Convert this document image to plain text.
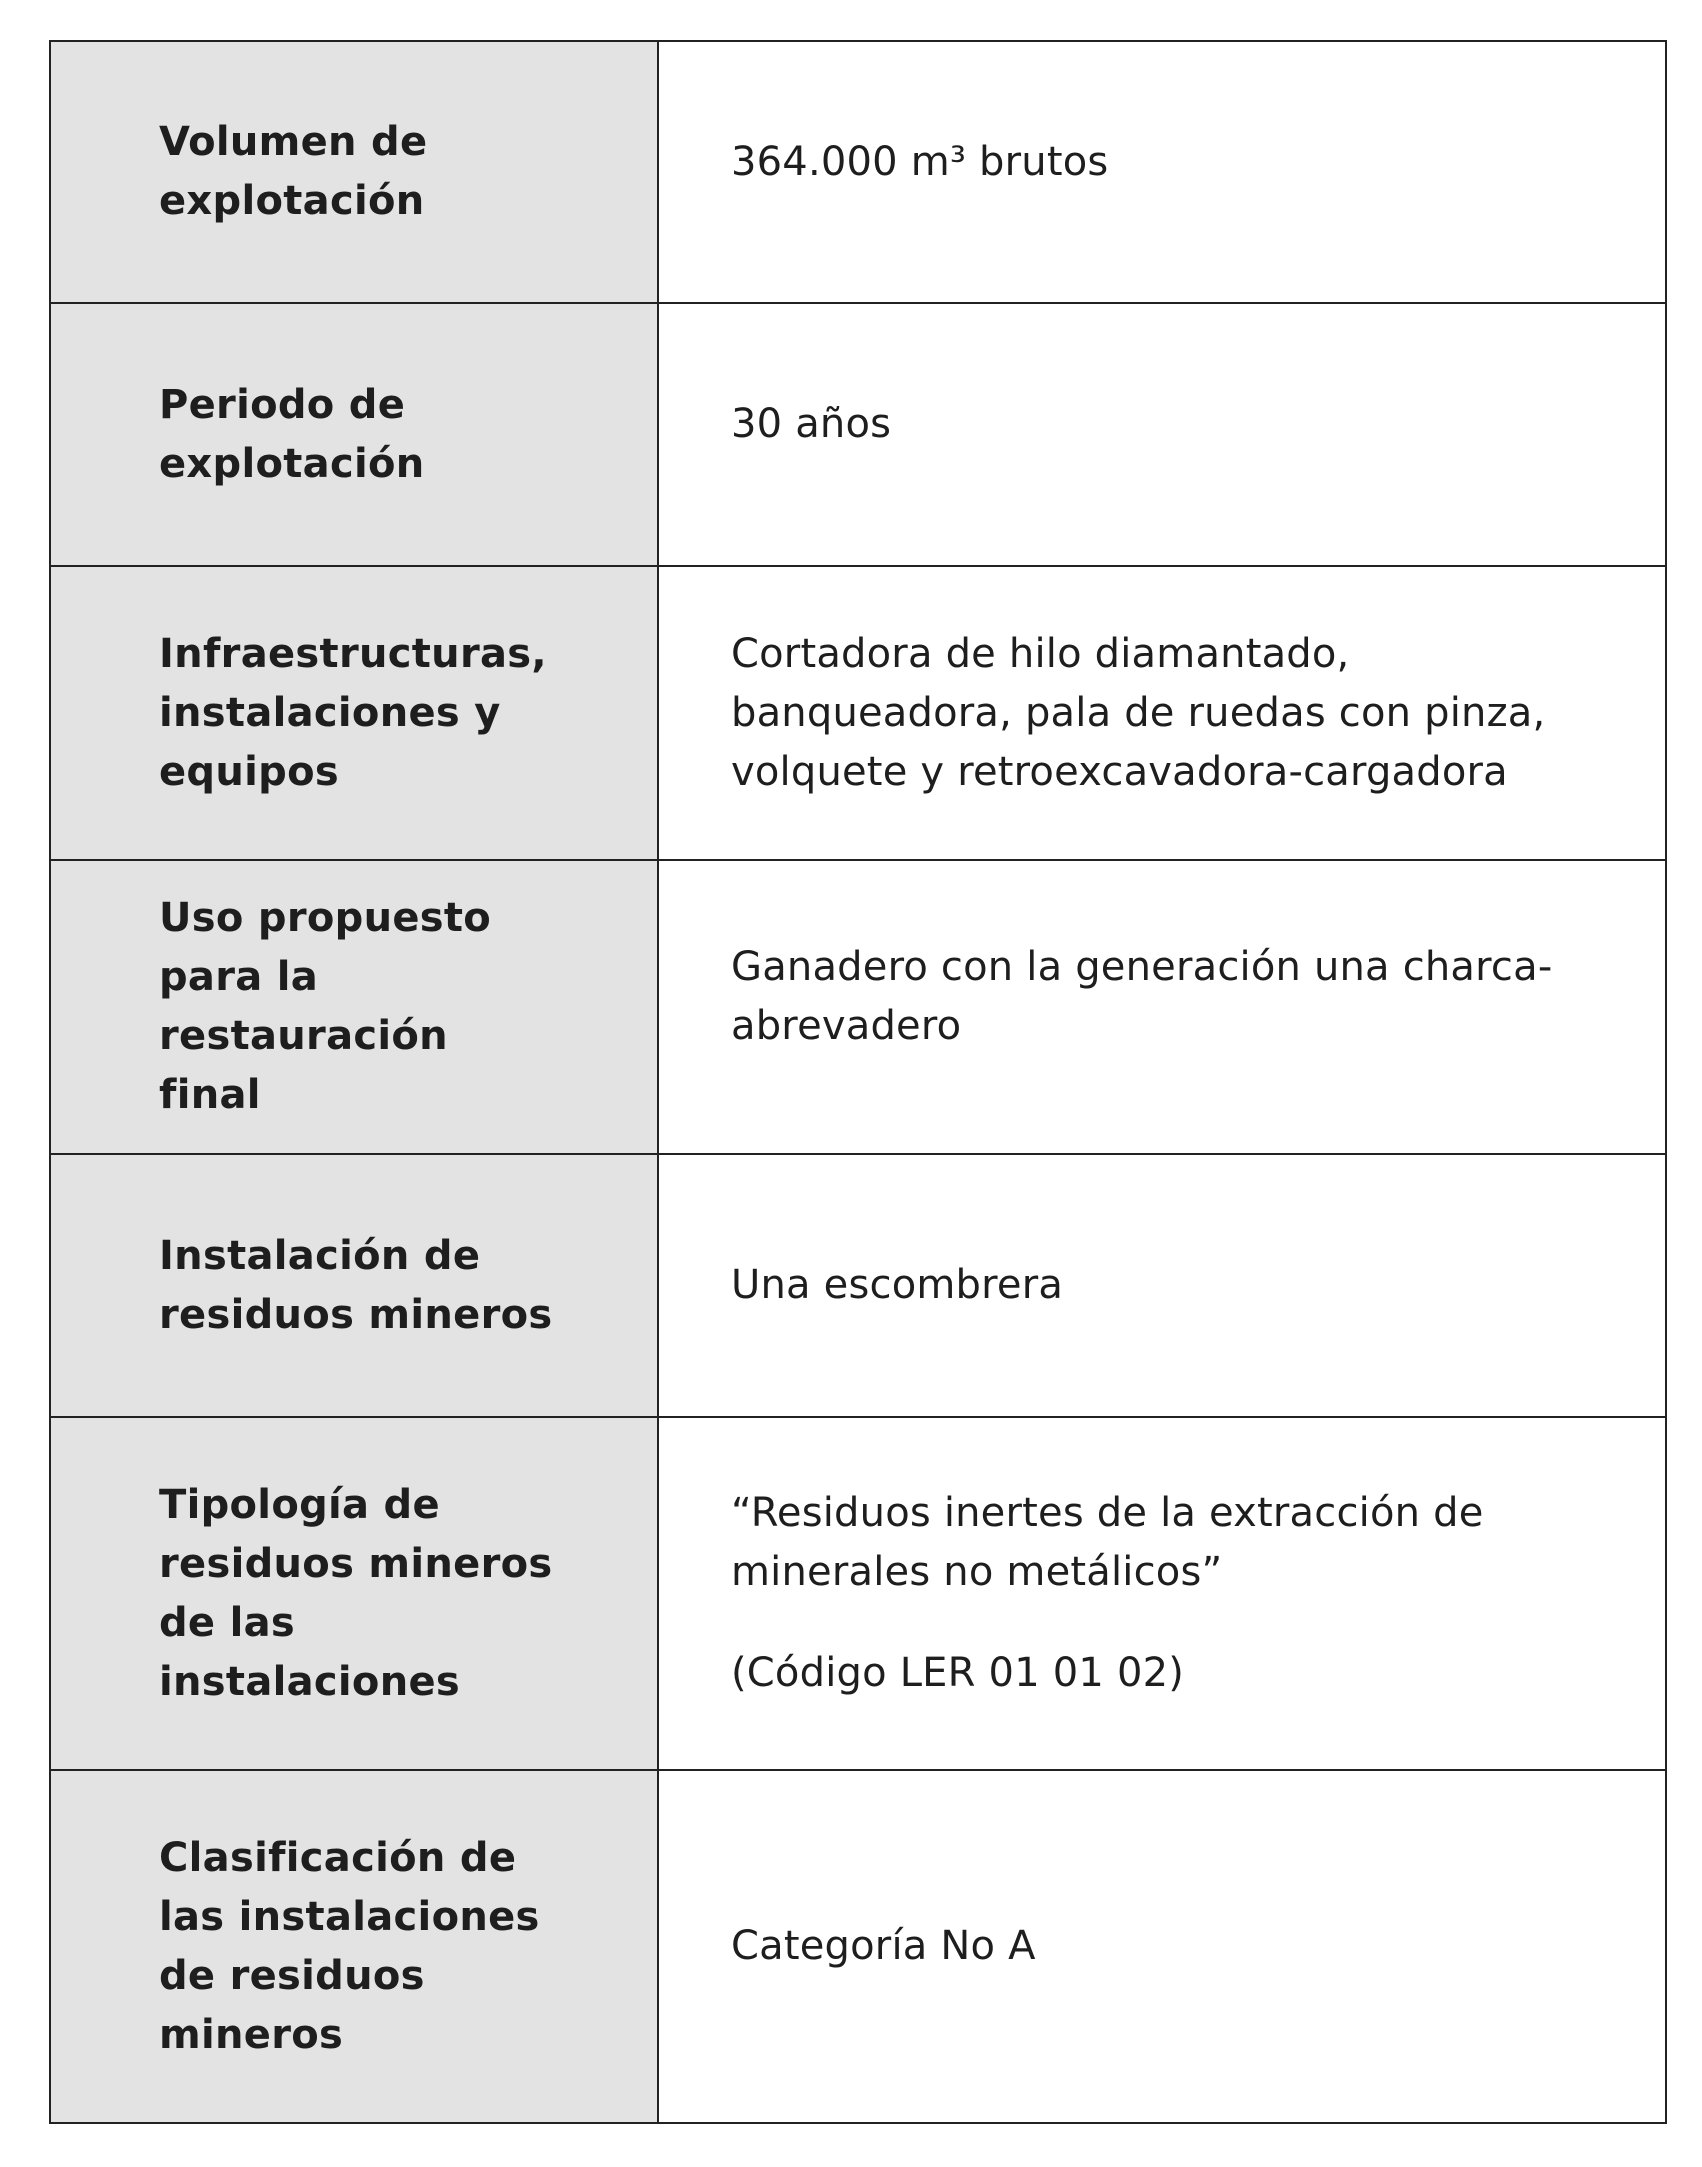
Volumen de explotación	364.000 m³ brutos

Periodo de explotación	30 años

Infraestructuras, instalaciones y equipos	Cortadora de hilo diamantado, banqueadora, pala de ruedas con pinza, volquete y retroexcavadora-cargadora

Uso propuesto para la restauración final	Ganadero con la generación una charca-abrevadero

Instalación de residuos mineros	Una escombrera

Tipología de residuos mineros de las instalaciones	“Residuos inertes de la extracción de minerales no metálicos”
(Código LER 01 01 02)

Clasificación de las instalaciones de residuos mineros	Categoría No A
